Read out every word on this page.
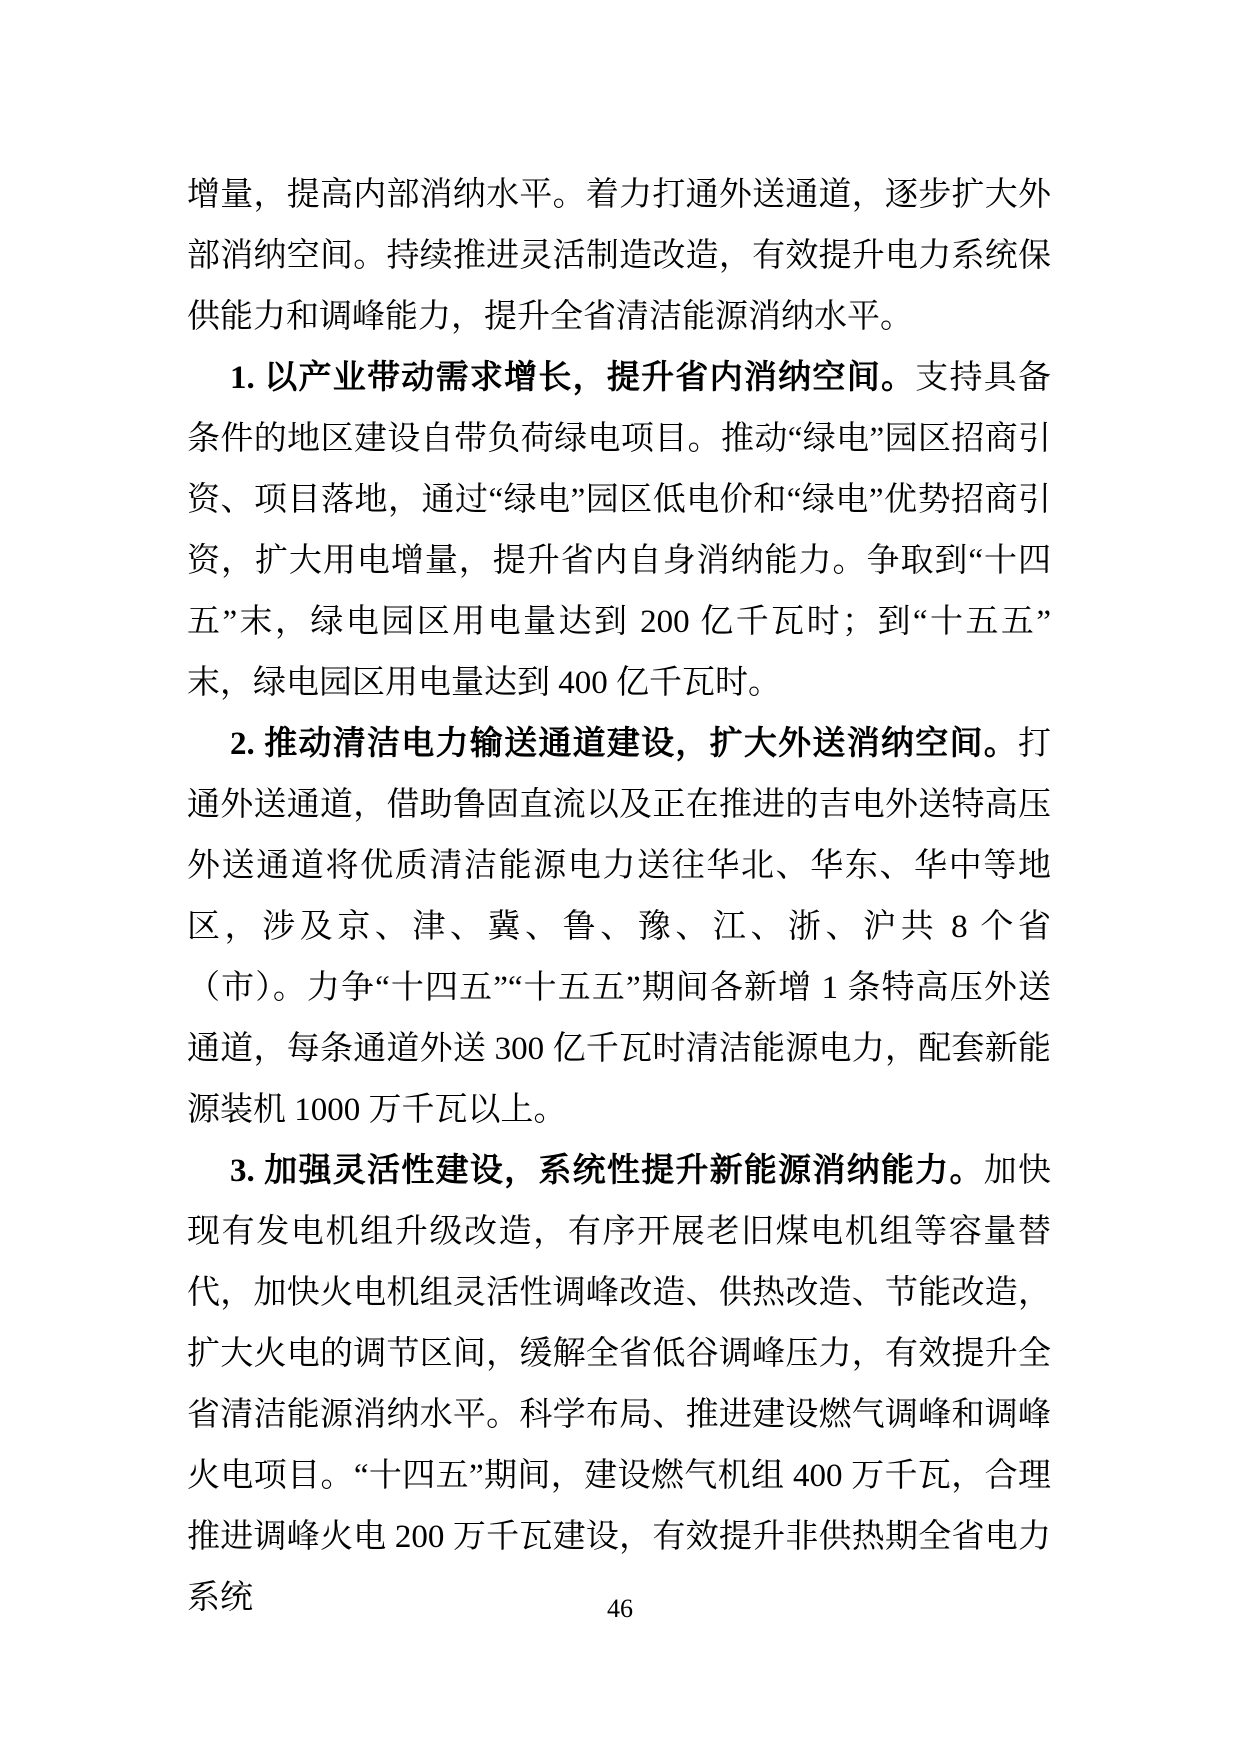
增量，提高内部消纳水平。着力打通外送通道，逐步扩大外部消纳空间。持续推进灵活制造改造，有效提升电力系统保供能力和调峰能力，提升全省清洁能源消纳水平。

1. 以产业带动需求增长，提升省内消纳空间。支持具备条件的地区建设自带负荷绿电项目。推动“绿电”园区招商引资、项目落地，通过“绿电”园区低电价和“绿电”优势招商引资，扩大用电增量，提升省内自身消纳能力。争取到“十四五”末，绿电园区用电量达到 200 亿千瓦时；到“十五五”末，绿电园区用电量达到 400 亿千瓦时。

2. 推动清洁电力输送通道建设，扩大外送消纳空间。打通外送通道，借助鲁固直流以及正在推进的吉电外送特高压外送通道将优质清洁能源电力送往华北、华东、华中等地区，涉及京、津、冀、鲁、豫、江、浙、沪共 8 个省（市）。力争“十四五”“十五五”期间各新增 1 条特高压外送通道，每条通道外送 300 亿千瓦时清洁能源电力，配套新能源装机 1000 万千瓦以上。

3. 加强灵活性建设，系统性提升新能源消纳能力。加快现有发电机组升级改造，有序开展老旧煤电机组等容量替代，加快火电机组灵活性调峰改造、供热改造、节能改造，扩大火电的调节区间，缓解全省低谷调峰压力，有效提升全省清洁能源消纳水平。科学布局、推进建设燃气调峰和调峰火电项目。“十四五”期间，建设燃气机组 400 万千瓦，合理推进调峰火电 200 万千瓦建设，有效提升非供热期全省电力系统	46
